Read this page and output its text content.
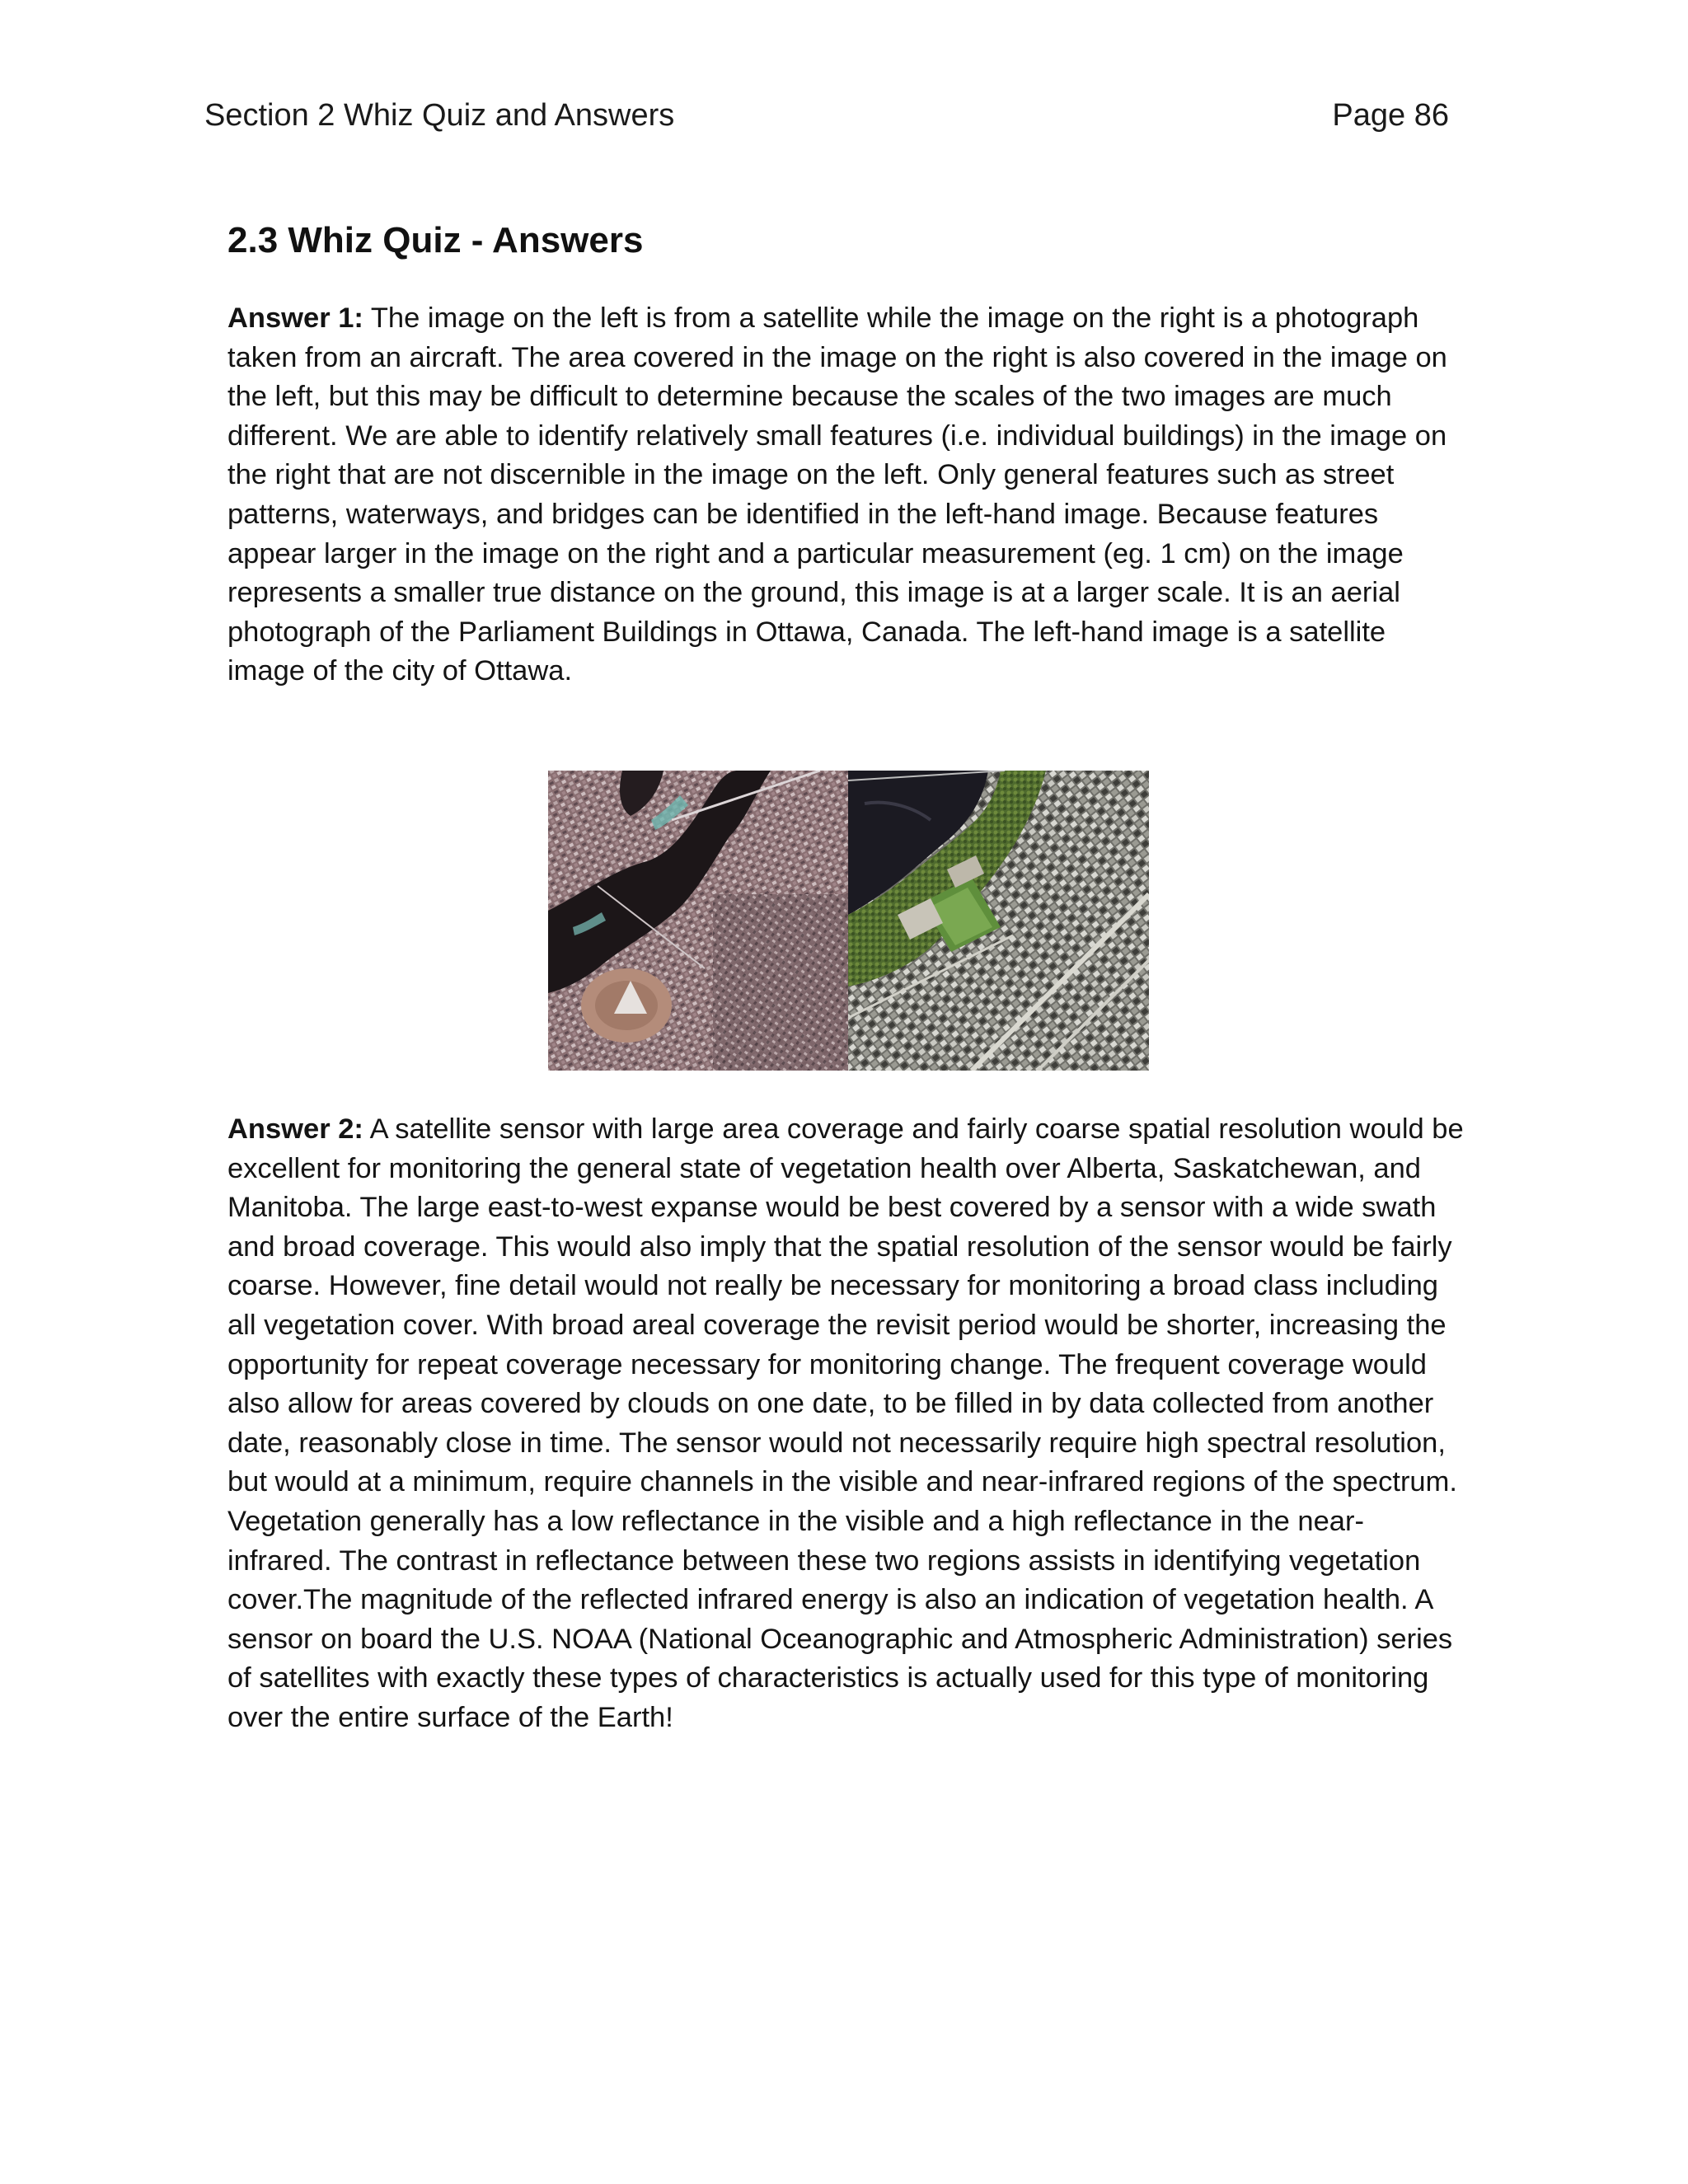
Section 2 Whiz Quiz and Answers	Page 86
2.3 Whiz Quiz - Answers

Answer 1: The image on the left is from a satellite while the image on the right is a photograph taken from an aircraft. The area covered in the image on the right is also covered in the image on the left, but this may be difficult to determine because the scales of the two images are much different. We are able to identify relatively small features (i.e. individual buildings) in the image on the right that are not discernible in the image on the left. Only general features such as street patterns, waterways, and bridges can be identified in the left-hand image. Because features appear larger in the image on the right and a particular measurement (eg. 1 cm) on the image represents a smaller true distance on the ground, this image is at a larger scale. It is an aerial photograph of the Parliament Buildings in Ottawa, Canada. The left-hand image is a satellite image of the city of Ottawa.

Answer 2: A satellite sensor with large area coverage and fairly coarse spatial resolution would be excellent for monitoring the general state of vegetation health over Alberta, Saskatchewan, and Manitoba. The large east-to-west expanse would be best covered by a sensor with a wide swath and broad coverage. This would also imply that the spatial resolution of the sensor would be fairly coarse. However, fine detail would not really be necessary for monitoring a broad class including all vegetation cover. With broad areal coverage the revisit period would be shorter, increasing the opportunity for repeat coverage necessary for monitoring change. The frequent coverage would also allow for areas covered by clouds on one date, to be filled in by data collected from another date, reasonably close in time. The sensor would not necessarily require high spectral resolution, but would at a minimum, require channels in the visible and near-infrared regions of the spectrum. Vegetation generally has a low reflectance in the visible and a high reflectance in the near-infrared. The contrast in reflectance between these two regions assists in identifying vegetation cover.The magnitude of the reflected infrared energy is also an indication of vegetation health. A sensor on board the U.S. NOAA (National Oceanographic and Atmospheric Administration) series of satellites with exactly these types of characteristics is actually used for this type of monitoring over the entire surface of the Earth!
